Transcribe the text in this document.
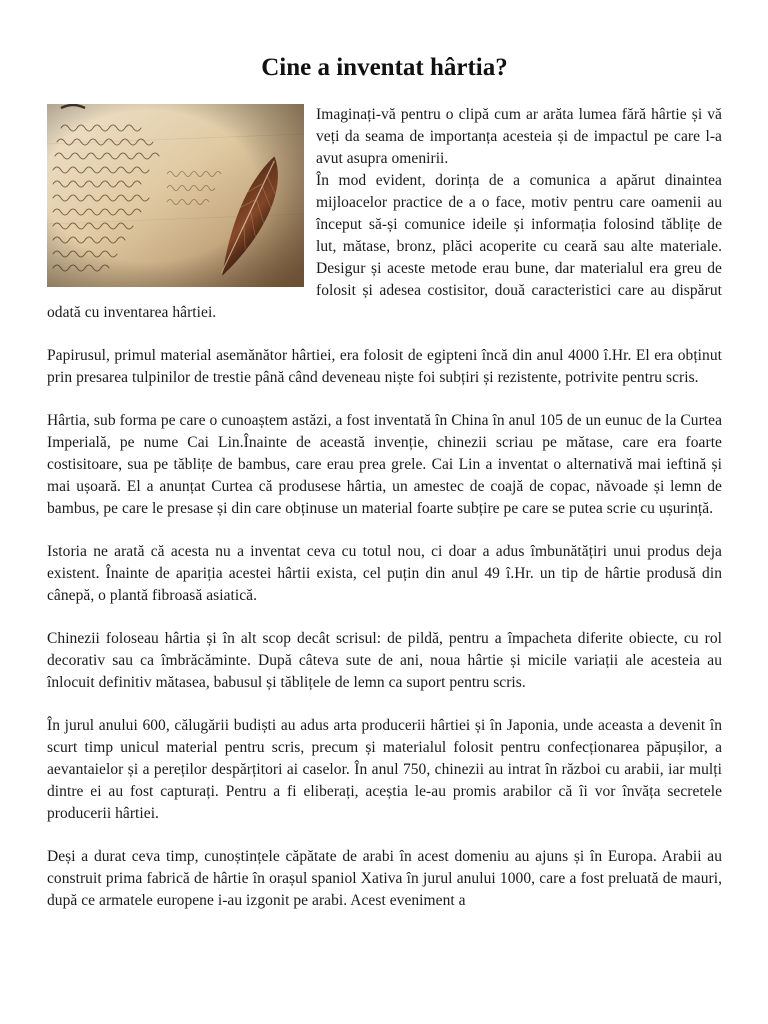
Cine a inventat hârtia?

Imaginați-vă pentru o clipă cum ar arăta lumea fără hârtie și vă veți da seama de importanța acesteia și de impactul pe care l-a avut asupra omenirii.

În mod evident, dorința de a comunica a apărut dinaintea mijloacelor practice de a o face, motiv pentru care oamenii au început să-și comunice ideile și informația folosind tăblițe de lut, mătase, bronz, plăci acoperite cu ceară sau alte materiale. Desigur și aceste metode erau bune, dar materialul era greu de folosit și adesea costisitor, două caracteristici care au dispărut odată cu inventarea hârtiei.

Papirusul, primul material asemănător hârtiei, era folosit de egipteni încă din anul 4000 î.Hr. El era obținut prin presarea tulpinilor de trestie până când deveneau niște foi subțiri și rezistente, potrivite pentru scris.

Hârtia, sub forma pe care o cunoaștem astăzi, a fost inventată în China în anul 105 de un eunuc de la Curtea Imperială, pe nume Cai Lin.Înainte de această invenție, chinezii scriau pe mătase, care era foarte costisitoare, sua pe tăblițe de bambus, care erau prea grele. Cai Lin a inventat o alternativă mai ieftină și mai ușoară. El a anunțat Curtea că produsese hârtia, un amestec de coajă de copac, năvoade și lemn de bambus, pe care le presase și din care obținuse un material foarte subțire pe care se putea scrie cu ușurință.

Istoria ne arată că acesta nu a inventat ceva cu totul nou, ci doar a adus îmbunătățiri unui produs deja existent. Înainte de apariția acestei hârtii exista, cel puțin din anul 49 î.Hr. un tip de hârtie produsă din cânepă, o plantă fibroasă asiatică.

Chinezii foloseau hârtia și în alt scop decât scrisul: de pildă, pentru a împacheta diferite obiecte, cu rol decorativ sau ca îmbrăcăminte. După câteva sute de ani, noua hârtie și micile variații ale acesteia au înlocuit definitiv mătasea, babusul și tăblițele de lemn ca suport pentru scris.

În jurul anului 600, călugării budiști au adus arta producerii hârtiei și în Japonia, unde aceasta a devenit în scurt timp unicul material pentru scris, precum și materialul folosit pentru confecționarea păpușilor, a aevantaielor și a pereților despărțitori ai caselor. În anul 750, chinezii au intrat în război cu arabii, iar mulți dintre ei au fost capturați. Pentru a fi eliberați, aceștia le-au promis arabilor că îi vor învăța secretele producerii hârtiei.

Deși a durat ceva timp, cunoștințele căpătate de arabi în acest domeniu au ajuns și în Europa. Arabii au construit prima fabrică de hârtie în orașul spaniol Xativa în jurul anului 1000, care a fost preluată de mauri, după ce armatele europene i-au izgonit pe arabi. Acest eveniment a
